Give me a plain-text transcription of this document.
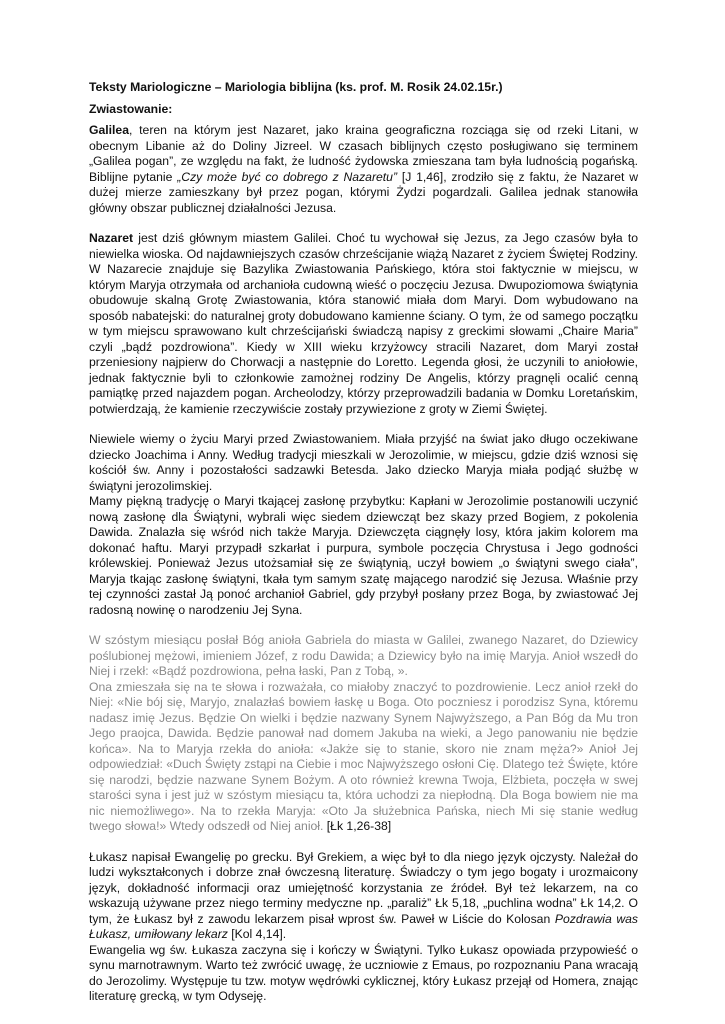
Teksty Mariologiczne – Mariologia biblijna (ks. prof. M. Rosik 24.02.15r.)
Zwiastowanie:

Galilea, teren na którym jest Nazaret, jako kraina geograficzna rozciąga się od rzeki Litani, w obecnym Libanie aż do Doliny Jizreel. W czasach biblijnych często posługiwano się terminem „Galilea pogan”, ze względu na fakt, że ludność żydowska zmieszana tam była ludnością pogańską. Biblijne pytanie „Czy może być co dobrego z Nazaretu” [J 1,46], zrodziło się z faktu, że Nazaret w dużej mierze zamieszkany był przez pogan, którymi Żydzi pogardzali. Galilea jednak stanowiła główny obszar publicznej działalności Jezusa.

Nazaret jest dziś głównym miastem Galilei. Choć tu wychował się Jezus, za Jego czasów była to niewielka wioska. Od najdawniejszych czasów chrześcijanie wiążą Nazaret z życiem Świętej Rodziny. W Nazarecie znajduje się Bazylika Zwiastowania Pańskiego, która stoi faktycznie w miejscu, w którym Maryja otrzymała od archanioła cudowną wieść o poczęciu Jezusa. Dwupoziomowa świątynia obudowuje skalną Grotę Zwiastowania, która stanowić miała dom Maryi. Dom wybudowano na sposób nabatejski: do naturalnej groty dobudowano kamienne ściany. O tym, że od samego początku w tym miejscu sprawowano kult chrześcijański świadczą napisy z greckimi słowami „Chaire Maria” czyli „bądź pozdrowiona”. Kiedy w XIII wieku krzyżowcy stracili Nazaret, dom Maryi został przeniesiony najpierw do Chorwacji a następnie do Loretto. Legenda głosi, że uczynili to aniołowie, jednak faktycznie byli to członkowie zamożnej rodziny De Angelis, którzy pragnęli ocalić cenną pamiątkę przed najazdem pogan. Archeolodzy, którzy przeprowadzili badania w Domku Loretańskim, potwierdzają, że kamienie rzeczywiście zostały przywiezione z groty w Ziemi Świętej.

Niewiele wiemy o życiu Maryi przed Zwiastowaniem. Miała przyjść na świat jako długo oczekiwane dziecko Joachima i Anny. Według tradycji mieszkali w Jerozolimie, w miejscu, gdzie dziś wznosi się kościół św. Anny i pozostałości sadzawki Betesda. Jako dziecko Maryja miała podjąć służbę w świątyni jerozolimskiej.

Mamy piękną tradycję o Maryi tkającej zasłonę przybytku: Kapłani w Jerozolimie postanowili uczynić nową zasłonę dla Świątyni, wybrali więc siedem dziewcząt bez skazy przed Bogiem, z pokolenia Dawida. Znalazła się wśród nich także Maryja. Dziewczęta ciągnęły losy, która jakim kolorem ma dokonać haftu. Maryi przypadł szkarłat i purpura, symbole poczęcia Chrystusa i Jego godności królewskiej. Ponieważ Jezus utożsamiał się ze świątynią, uczył bowiem „o świątyni swego ciała”, Maryja tkając zasłonę świątyni, tkała tym samym szatę mającego narodzić się Jezusa. Właśnie przy tej czynności zastał Ją ponoć archanioł Gabriel, gdy przybył posłany przez Boga, by zwiastować Jej radosną nowinę o narodzeniu Jej Syna.

W szóstym miesiącu posłał Bóg anioła Gabriela do miasta w Galilei, zwanego Nazaret, do Dziewicy poślubionej mężowi, imieniem Józef, z rodu Dawida; a Dziewicy było na imię Maryja. Anioł wszedł do Niej i rzekł: «Bądź pozdrowiona, pełna łaski, Pan z Tobą, ».

Ona zmieszała się na te słowa i rozważała, co miałoby znaczyć to pozdrowienie. Lecz anioł rzekł do Niej: «Nie bój się, Maryjo, znalazłaś bowiem łaskę u Boga. Oto poczniesz i porodzisz Syna, któremu nadasz imię Jezus. Będzie On wielki i będzie nazwany Synem Najwyższego, a Pan Bóg da Mu tron Jego praojca, Dawida. Będzie panował nad domem Jakuba na wieki, a Jego panowaniu nie będzie końca». Na to Maryja rzekła do anioła: «Jakże się to stanie, skoro nie znam męża?» Anioł Jej odpowiedział: «Duch Święty zstąpi na Ciebie i moc Najwyższego osłoni Cię. Dlatego też Święte, które się narodzi, będzie nazwane Synem Bożym. A oto również krewna Twoja, Elżbieta, poczęła w swej starości syna i jest już w szóstym miesiącu ta, która uchodzi za niepłodną. Dla Boga bowiem nie ma nic niemożliwego». Na to rzekła Maryja: «Oto Ja służebnica Pańska, niech Mi się stanie według twego słowa!» Wtedy odszedł od Niej anioł. [Łk 1,26-38]

Łukasz napisał Ewangelię po grecku. Był Grekiem, a więc był to dla niego język ojczysty. Należał do ludzi wykształconych i dobrze znał ówczesną literaturę. Świadczy o tym jego bogaty i urozmaicony język, dokładność informacji oraz umiejętność korzystania ze źródeł. Był też lekarzem, na co wskazują używane przez niego terminy medyczne np. „paraliż” Łk 5,18, „puchlina wodna” Łk 14,2. O tym, że Łukasz był z zawodu lekarzem pisał wprost św. Paweł w Liście do Kolosan Pozdrawia was Łukasz, umiłowany lekarz [Kol 4,14].

Ewangelia wg św. Łukasza zaczyna się i kończy w Świątyni. Tylko Łukasz opowiada przypowieść o synu marnotrawnym. Warto też zwrócić uwagę, że uczniowie z Emaus, po rozpoznaniu Pana wracają do Jerozolimy. Występuje tu tzw. motyw wędrówki cyklicznej, który Łukasz przejął od Homera, znając literaturę grecką, w tym Odyseję.
